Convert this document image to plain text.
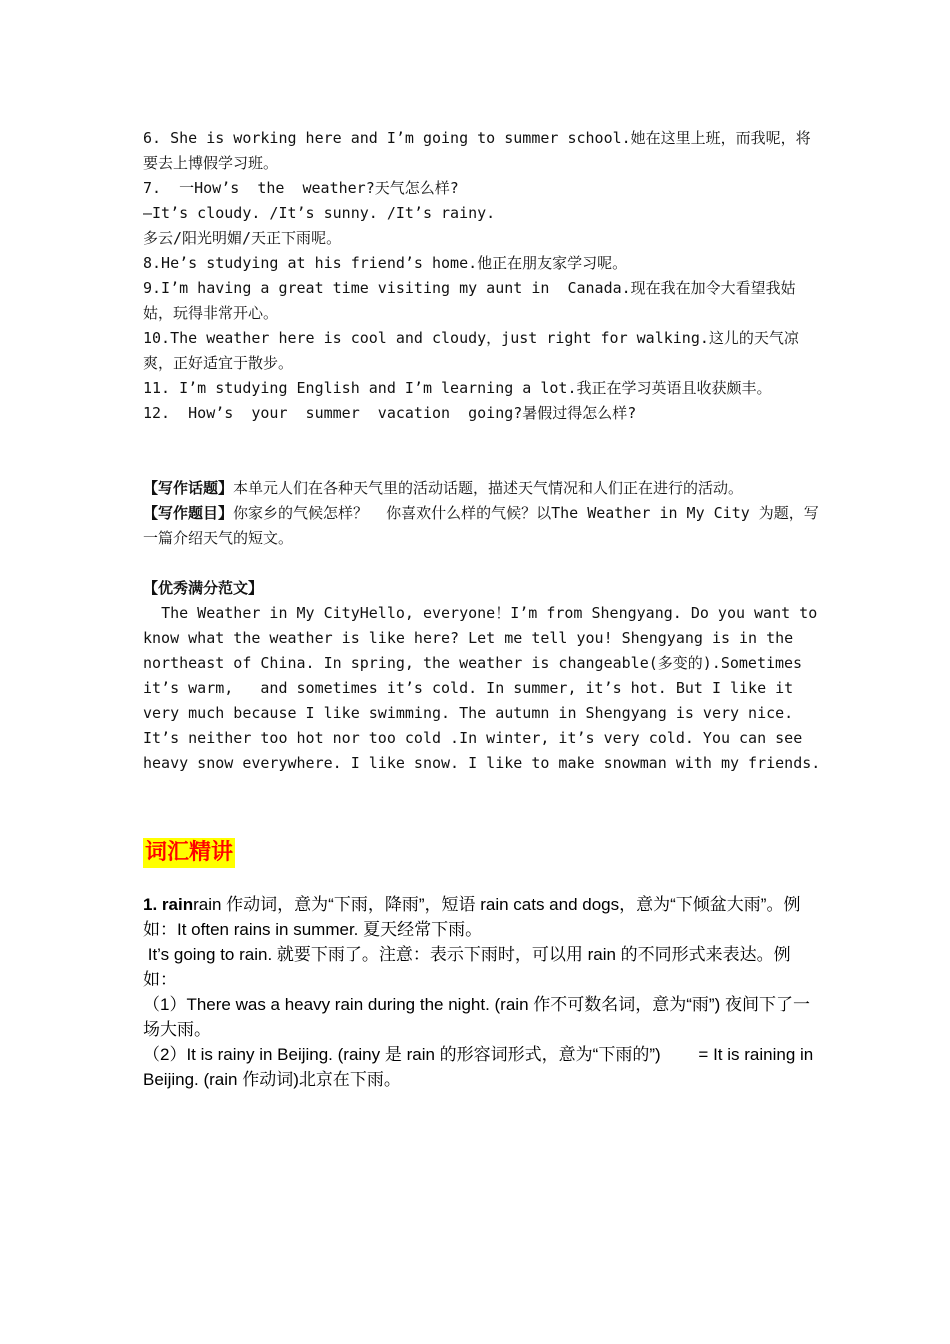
6. She is working here and I’m going to summer school.她在这里上班，而我呢，将要去上博假学习班。

7.  一How’s  the  weather?天气怎么样?

—It’s cloudy. /It’s sunny. /It’s rainy.

多云/阳光明媚/天正下雨呢。

8.He’s studying at his friend’s home.他正在朋友家学习呢。

9.I’m having a great time visiting my aunt in  Canada.现在我在加令大看望我姑姑，玩得非常开心。

10.The weather here is cool and cloudy，just right for walking.这儿的天气凉爽，正好适宜于散步。

11. I’m studying English and I’m learning a lot.我正在学习英语且收获颇丰。

12.  How’s  your  summer  vacation  going?暑假过得怎么样?

【写作话题】本单元人们在各种天气里的活动话题，描述天气情况和人们正在进行的活动。

【写作题目】你家乡的气候怎样？  你喜欢什么样的气候？以The Weather in My City 为题，写一篇介绍天气的短文。

【优秀满分范文】

The Weather in My CityHello, everyone！I’m from Shengyang. Do you want to know what the weather is like here? Let me tell you! Shengyang is in the northeast of China. In spring, the weather is changeable(多变的).Sometimes it’s warm,   and sometimes it’s cold. In summer, it’s hot. But I like it very much because I like swimming. The autumn in Shengyang is very nice. It’s neither too hot nor too cold .In winter, it’s very cold. You can see heavy snow everywhere. I like snow. I like to make snowman with my friends.

词汇精讲

1. rainrain 作动词，意为“下雨，降雨”，短语 rain cats and dogs，意为“下倾盆大雨”。例如：It often rains in summer. 夏天经常下雨。

It’s going to rain. 就要下雨了。注意：表示下雨时，可以用 rain 的不同形式来表达。例如：

（1）There was a heavy rain during the night. (rain 作不可数名词，意为“雨”) 夜间下了一场大雨。

（2）It is rainy in Beijing. (rainy 是 rain 的形容词形式，意为“下雨的”)        = It is raining in Beijing. (rain 作动词)北京在下雨。
